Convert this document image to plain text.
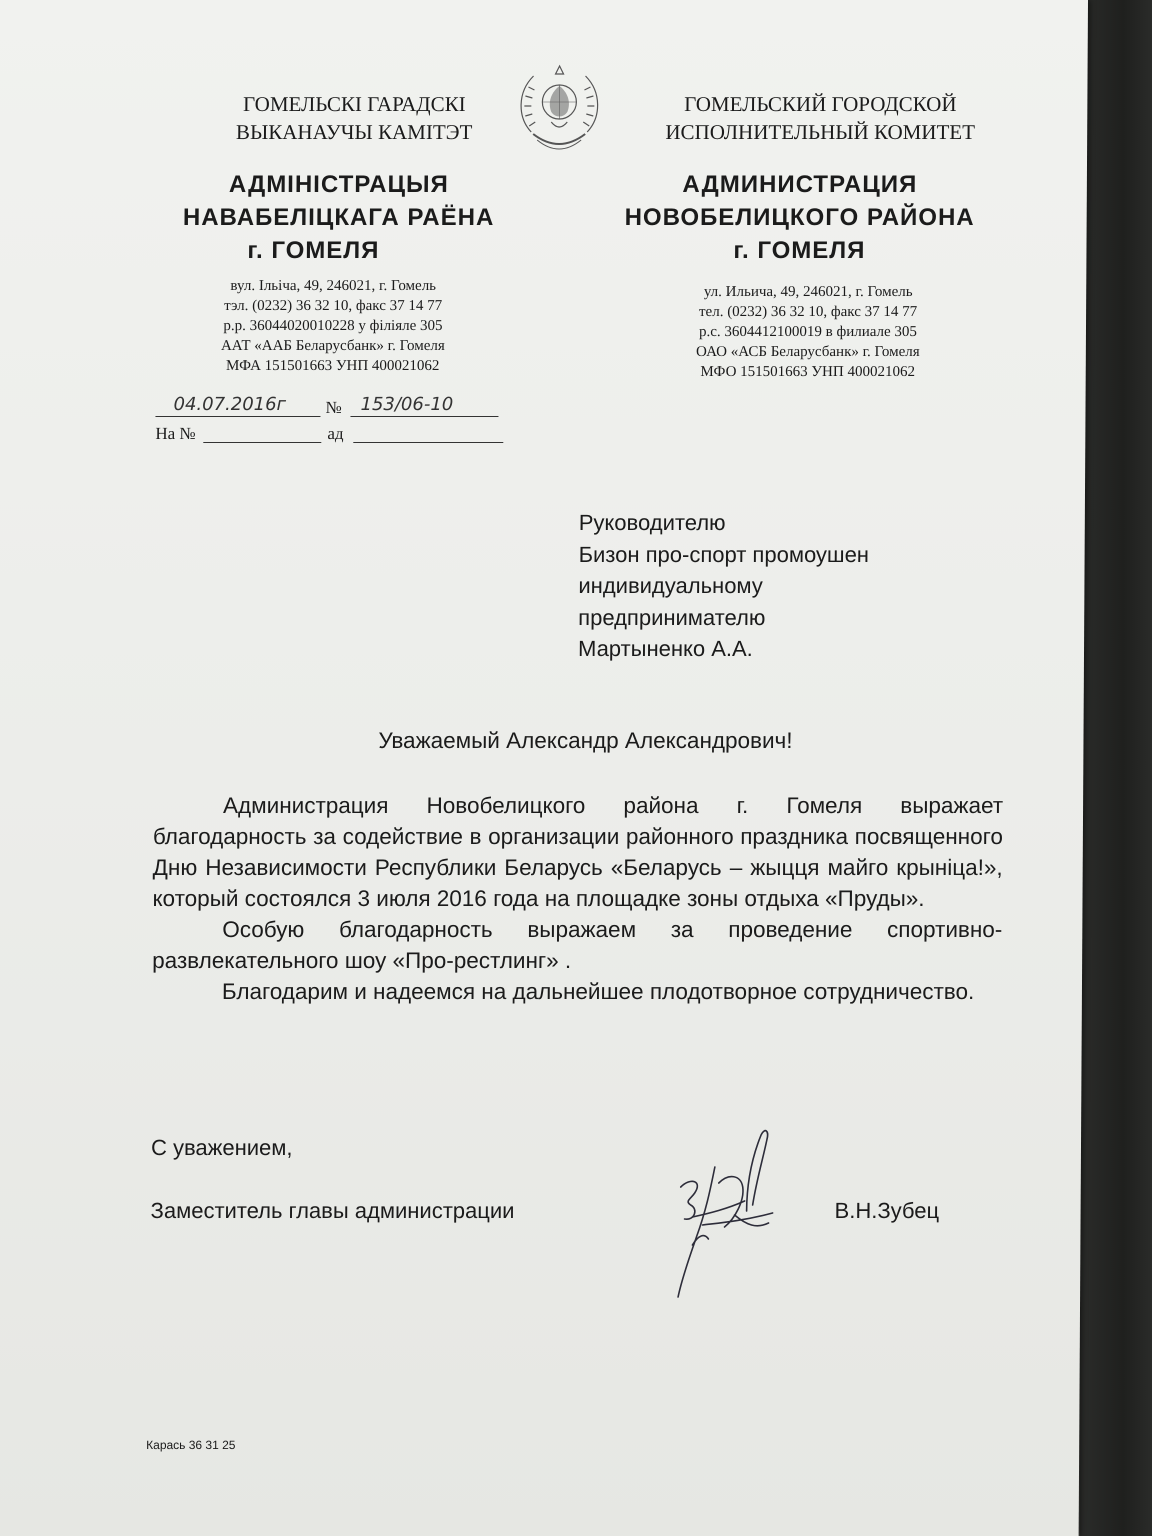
ГОМЕЛЬСКІ ГАРАДСКІ
ВЫКАНАУЧЫ КАМІТЭТ
АДМІНІСТРАЦЫЯ
НАВАБЕЛІЦКАГА РАЁНА
г. ГОМЕЛЯ
вул. Ільіча, 49, 246021, г. Гомель
тэл. (0232) 36 32 10, факс 37 14 77
р.р. 36044020010228 у філіяле 305
ААТ «ААБ Беларусбанк» г. Гомеля
МФА 151501663 УНП 400021062
ГОМЕЛЬСКИЙ ГОРОДСКОЙ
ИСПОЛНИТЕЛЬНЫЙ КОМИТЕТ
АДМИНИСТРАЦИЯ
НОВОБЕЛИЦКОГО РАЙОНА
г. ГОМЕЛЯ
ул. Ильича, 49, 246021, г. Гомель
тел. (0232) 36 32 10, факс 37 14 77
р.с. 3604412100019 в филиале 305
ОАО «АСБ Беларусбанк» г. Гомеля
МФО 151501663 УНП 400021062
04.07.2016г № 153/06-10
На №	ад
Руководителю
Бизон про-спорт промоушен
индивидуальному
предпринимателю
Мартыненко А.А.
Уважаемый Александр Александрович!

Администрация Новобелицкого района г. Гомеля выражает благодарность за содействие в организации районного праздника посвященного Дню Независимости Республики Беларусь «Беларусь – жыцця майго крыніца!», который состоялся 3 июля 2016 года на площадке зоны отдыха «Пруды».

Особую благодарность выражаем за проведение спортивно-развлекательного шоу «Про-рестлинг» .

Благодарим и надеемся на дальнейшее плодотворное сотрудничество.

С уважением,
Заместитель главы администрации	В.Н.Зубец
Карась 36 31 25
